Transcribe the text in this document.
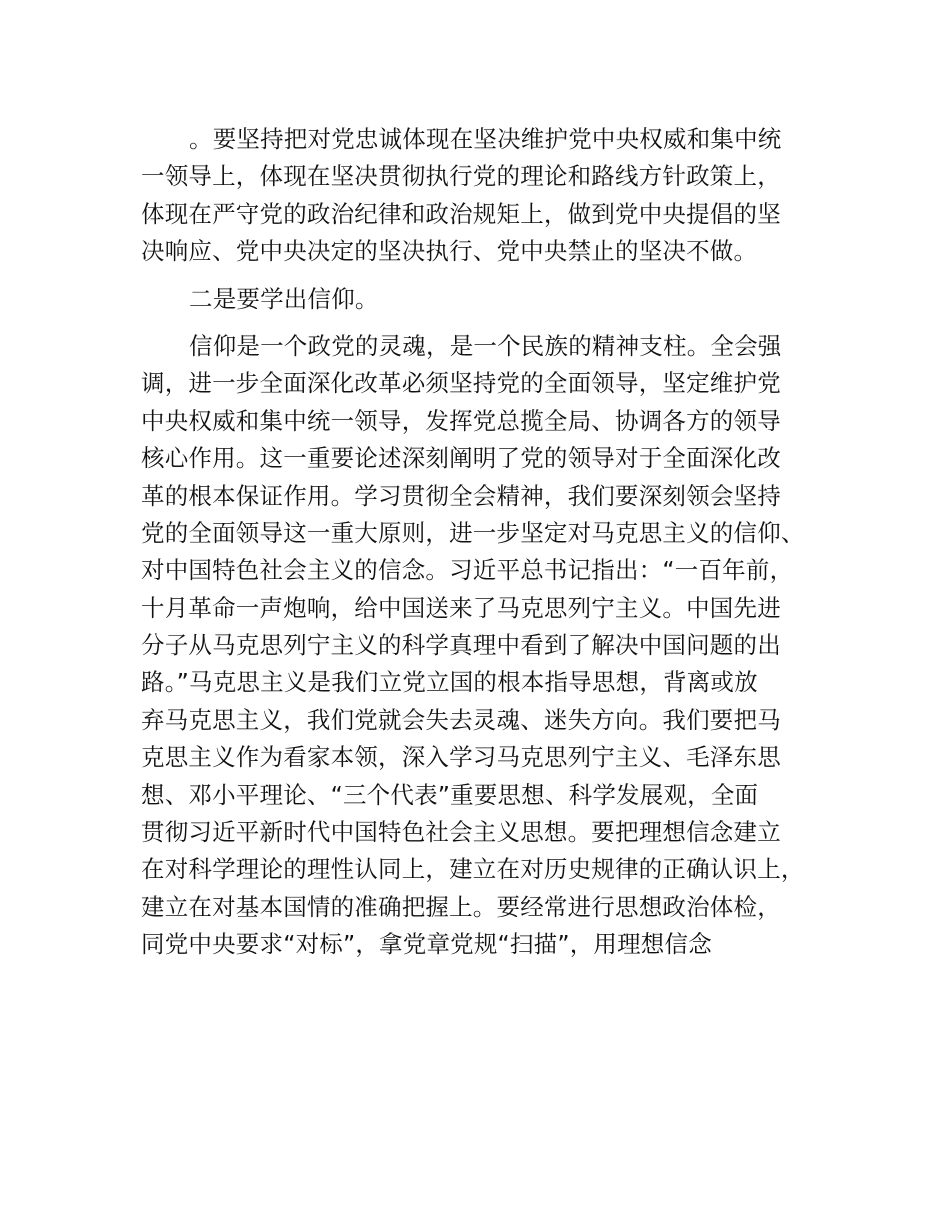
。要坚持把对党忠诚体现在坚决维护党中央权威和集中统
一领导上，体现在坚决贯彻执行党的理论和路线方针政策上，
体现在严守党的政治纪律和政治规矩上，做到党中央提倡的坚
决响应、党中央决定的坚决执行、党中央禁止的坚决不做。
二是要学出信仰。
信仰是一个政党的灵魂，是一个民族的精神支柱。全会强
调，进一步全面深化改革必须坚持党的全面领导，坚定维护党
中央权威和集中统一领导，发挥党总揽全局、协调各方的领导
核心作用。这一重要论述深刻阐明了党的领导对于全面深化改
革的根本保证作用。学习贯彻全会精神，我们要深刻领会坚持
党的全面领导这一重大原则，进一步坚定对马克思主义的信仰、
对中国特色社会主义的信念。习近平总书记指出：“一百年前，
十月革命一声炮响，给中国送来了马克思列宁主义。中国先进
分子从马克思列宁主义的科学真理中看到了解决中国问题的出
路。”马克思主义是我们立党立国的根本指导思想，背离或放
弃马克思主义，我们党就会失去灵魂、迷失方向。我们要把马
克思主义作为看家本领，深入学习马克思列宁主义、毛泽东思
想、邓小平理论、“三个代表”重要思想、科学发展观，全面
贯彻习近平新时代中国特色社会主义思想。要把理想信念建立
在对科学理论的理性认同上，建立在对历史规律的正确认识上，
建立在对基本国情的准确把握上。要经常进行思想政治体检，
同党中央要求“对标”，拿党章党规“扫描”，用理想信念
